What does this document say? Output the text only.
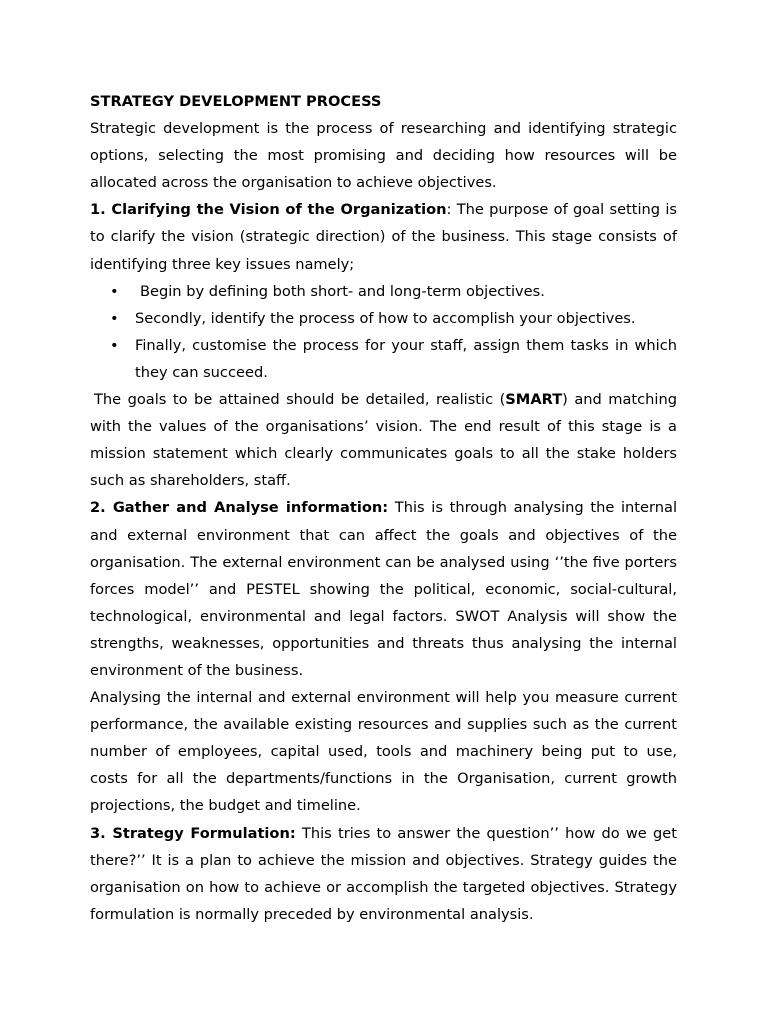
STRATEGY DEVELOPMENT PROCESS

Strategic development is the process of researching and identifying strategic options, selecting the most promising and deciding how resources will be allocated across the organisation to achieve objectives.

1. Clarifying the Vision of the Organization: The purpose of goal setting is to clarify the vision (strategic direction) of the business. This stage consists of identifying three key issues namely;

• Begin by defining both short- and long-term objectives.
• Secondly, identify the process of how to accomplish your objectives.
• Finally, customise the process for your staff, assign them tasks in which they can succeed.

The goals to be attained should be detailed, realistic (SMART) and matching with the values of the organisations’ vision. The end result of this stage is a mission statement which clearly communicates goals to all the stake holders such as shareholders, staff.

2. Gather and Analyse information: This is through analysing the internal and external environment that can affect the goals and objectives of the organisation. The external environment can be analysed using ‘’the five porters forces model’’ and PESTEL showing the political, economic, social-cultural, technological, environmental and legal factors. SWOT Analysis will show the strengths, weaknesses, opportunities and threats thus analysing the internal environment of the business.

Analysing the internal and external environment will help you measure current performance, the available existing resources and supplies such as the current number of employees, capital used, tools and machinery being put to use, costs for all the departments/functions in the Organisation, current growth projections, the budget and timeline.

3. Strategy Formulation: This tries to answer the question’’ how do we get there?’’ It is a plan to achieve the mission and objectives. Strategy guides the organisation on how to achieve or accomplish the targeted objectives. Strategy formulation is normally preceded by environmental analysis.
